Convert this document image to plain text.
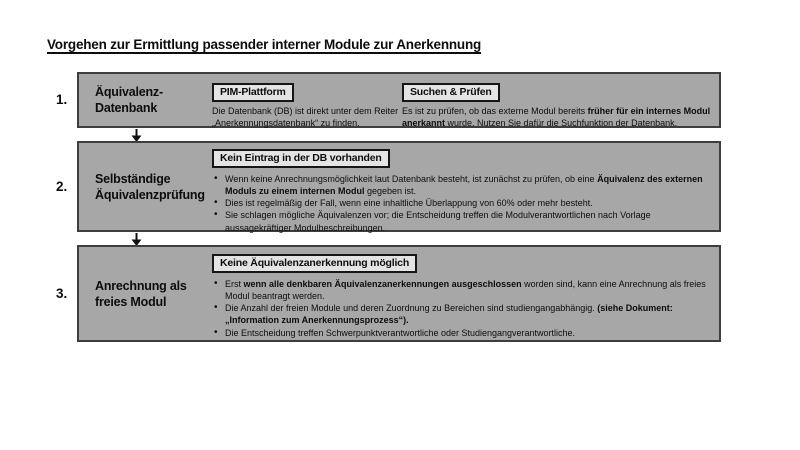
Vorgehen zur Ermittlung passender interner Module zur Anerkennung
1.
Äquivalenz-
Datenbank
PIM-Plattform

Die Datenbank (DB) ist direkt unter dem Reiter „Anerkennungsdatenbank“ zu finden.

Suchen & Prüfen

Es ist zu prüfen, ob das externe Modul bereits früher für ein internes Modul anerkannt wurde. Nutzen Sie dafür die Suchfunktion der Datenbank.

2.
Selbständige
Äquivalenzprüfung
Kein Eintrag in der DB vorhanden
• Wenn keine Anrechnungsmöglichkeit laut Datenbank besteht, ist zunächst zu prüfen, ob eine Äquivalenz des externen Moduls zu einem internen Modul gegeben ist.
• Dies ist regelmäßig der Fall, wenn eine inhaltliche Überlappung von 60% oder mehr besteht.
• Sie schlagen mögliche Äquivalenzen vor; die Entscheidung treffen die Modulverantwortlichen nach Vorlage aussagekräftiger Modulbeschreibungen.
3.
Anrechnung als
freies Modul
Keine Äquivalenzanerkennung möglich
• Erst wenn alle denkbaren Äquivalenzanerkennungen ausgeschlossen worden sind, kann eine Anrechnung als freies Modul beantragt werden.
• Die Anzahl der freien Module und deren Zuordnung zu Bereichen sind studiengangabhängig. (siehe Dokument: „Information zum Anerkennungsprozess“).
• Die Entscheidung treffen Schwerpunktverantwortliche oder Studiengangverantwortliche.
